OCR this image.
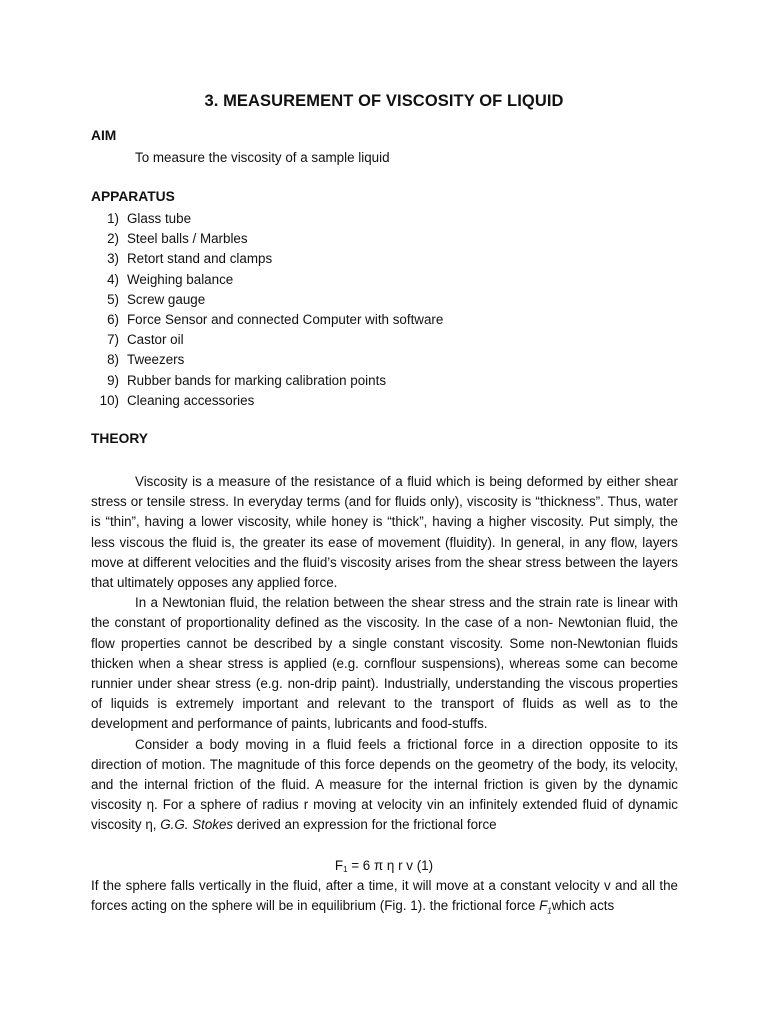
3. MEASUREMENT OF VISCOSITY OF LIQUID
AIM
To measure the viscosity of a sample liquid
APPARATUS
1) Glass tube
2) Steel balls / Marbles
3) Retort stand and clamps
4) Weighing balance
5) Screw gauge
6) Force Sensor and connected Computer with software
7) Castor oil
8) Tweezers
9) Rubber bands for marking calibration points
10) Cleaning accessories
THEORY

Viscosity is a measure of the resistance of a fluid which is being deformed by either shear stress or tensile stress. In everyday terms (and for fluids only), viscosity is “thickness”. Thus, water is “thin”, having a lower viscosity, while honey is “thick”, having a higher viscosity. Put simply, the less viscous the fluid is, the greater its ease of movement (fluidity). In general, in any flow, layers move at different velocities and the fluid’s viscosity arises from the shear stress between the layers that ultimately opposes any applied force.

In a Newtonian fluid, the relation between the shear stress and the strain rate is linear with the constant of proportionality defined as the viscosity. In the case of a non- Newtonian fluid, the flow properties cannot be described by a single constant viscosity. Some non-Newtonian fluids thicken when a shear stress is applied (e.g. cornflour suspensions), whereas some can become runnier under shear stress (e.g. non-drip paint). Industrially, understanding the viscous properties of liquids is extremely important and relevant to the transport of fluids as well as to the development and performance of paints, lubricants and food-stuffs.

Consider a body moving in a fluid feels a frictional force in a direction opposite to its direction of motion. The magnitude of this force depends on the geometry of the body, its velocity, and the internal friction of the fluid. A measure for the internal friction is given by the dynamic viscosity η. For a sphere of radius r moving at velocity vin an infinitely extended fluid of dynamic viscosity η, G.G. Stokes derived an expression for the frictional force

$F_1 = 6$ π η r v (1)

If the sphere falls vertically in the fluid, after a time, it will move at a constant velocity v and all the forces acting on the sphere will be in equilibrium (Fig. 1). the frictional force $F_1which$ acts
